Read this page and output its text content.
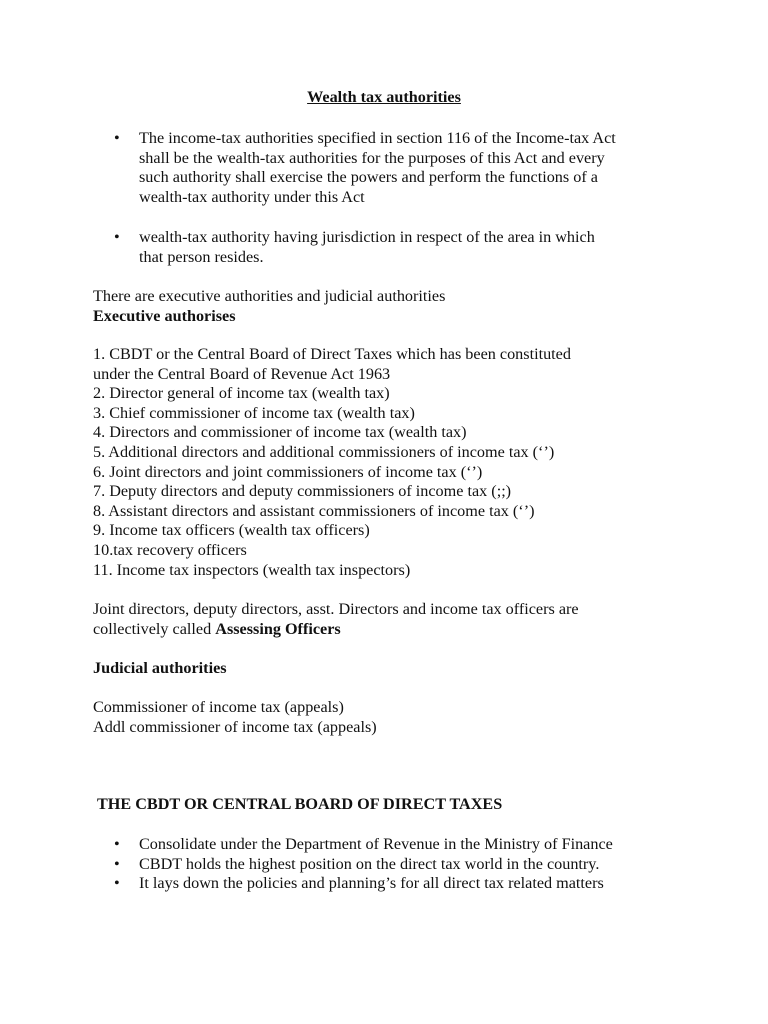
Wealth tax authorities
• The income-tax authorities specified in section 116 of the Income-tax Act
shall be the wealth-tax authorities for the purposes of this Act and every
such authority shall exercise the powers and perform the functions of a
wealth-tax authority under this Act
• wealth-tax authority having jurisdiction in respect of the area in which
that person resides.
There are executive authorities and judicial authorities
Executive authorises
1. CBDT or the Central Board of Direct Taxes which has been constituted
under the Central Board of Revenue Act 1963
2. Director general of income tax (wealth tax)
3. Chief commissioner of income tax (wealth tax)
4. Directors and commissioner of income tax (wealth tax)
5. Additional directors and additional commissioners of income tax (‘’)
6. Joint directors and joint commissioners of income tax (‘’)
7. Deputy directors and deputy commissioners of income tax (;;)
8. Assistant directors and assistant commissioners of income tax (‘’)
9. Income tax officers (wealth tax officers)
10.tax recovery officers
11. Income tax inspectors (wealth tax inspectors)
Joint directors, deputy directors, asst. Directors and income tax officers are
collectively called Assessing Officers
Judicial authorities
Commissioner of income tax (appeals)
Addl commissioner of income tax (appeals)
THE CBDT OR CENTRAL BOARD OF DIRECT TAXES
• Consolidate under the Department of Revenue in the Ministry of Finance
• CBDT holds the highest position on the direct tax world in the country.
• It lays down the policies and planning’s for all direct tax related matters
